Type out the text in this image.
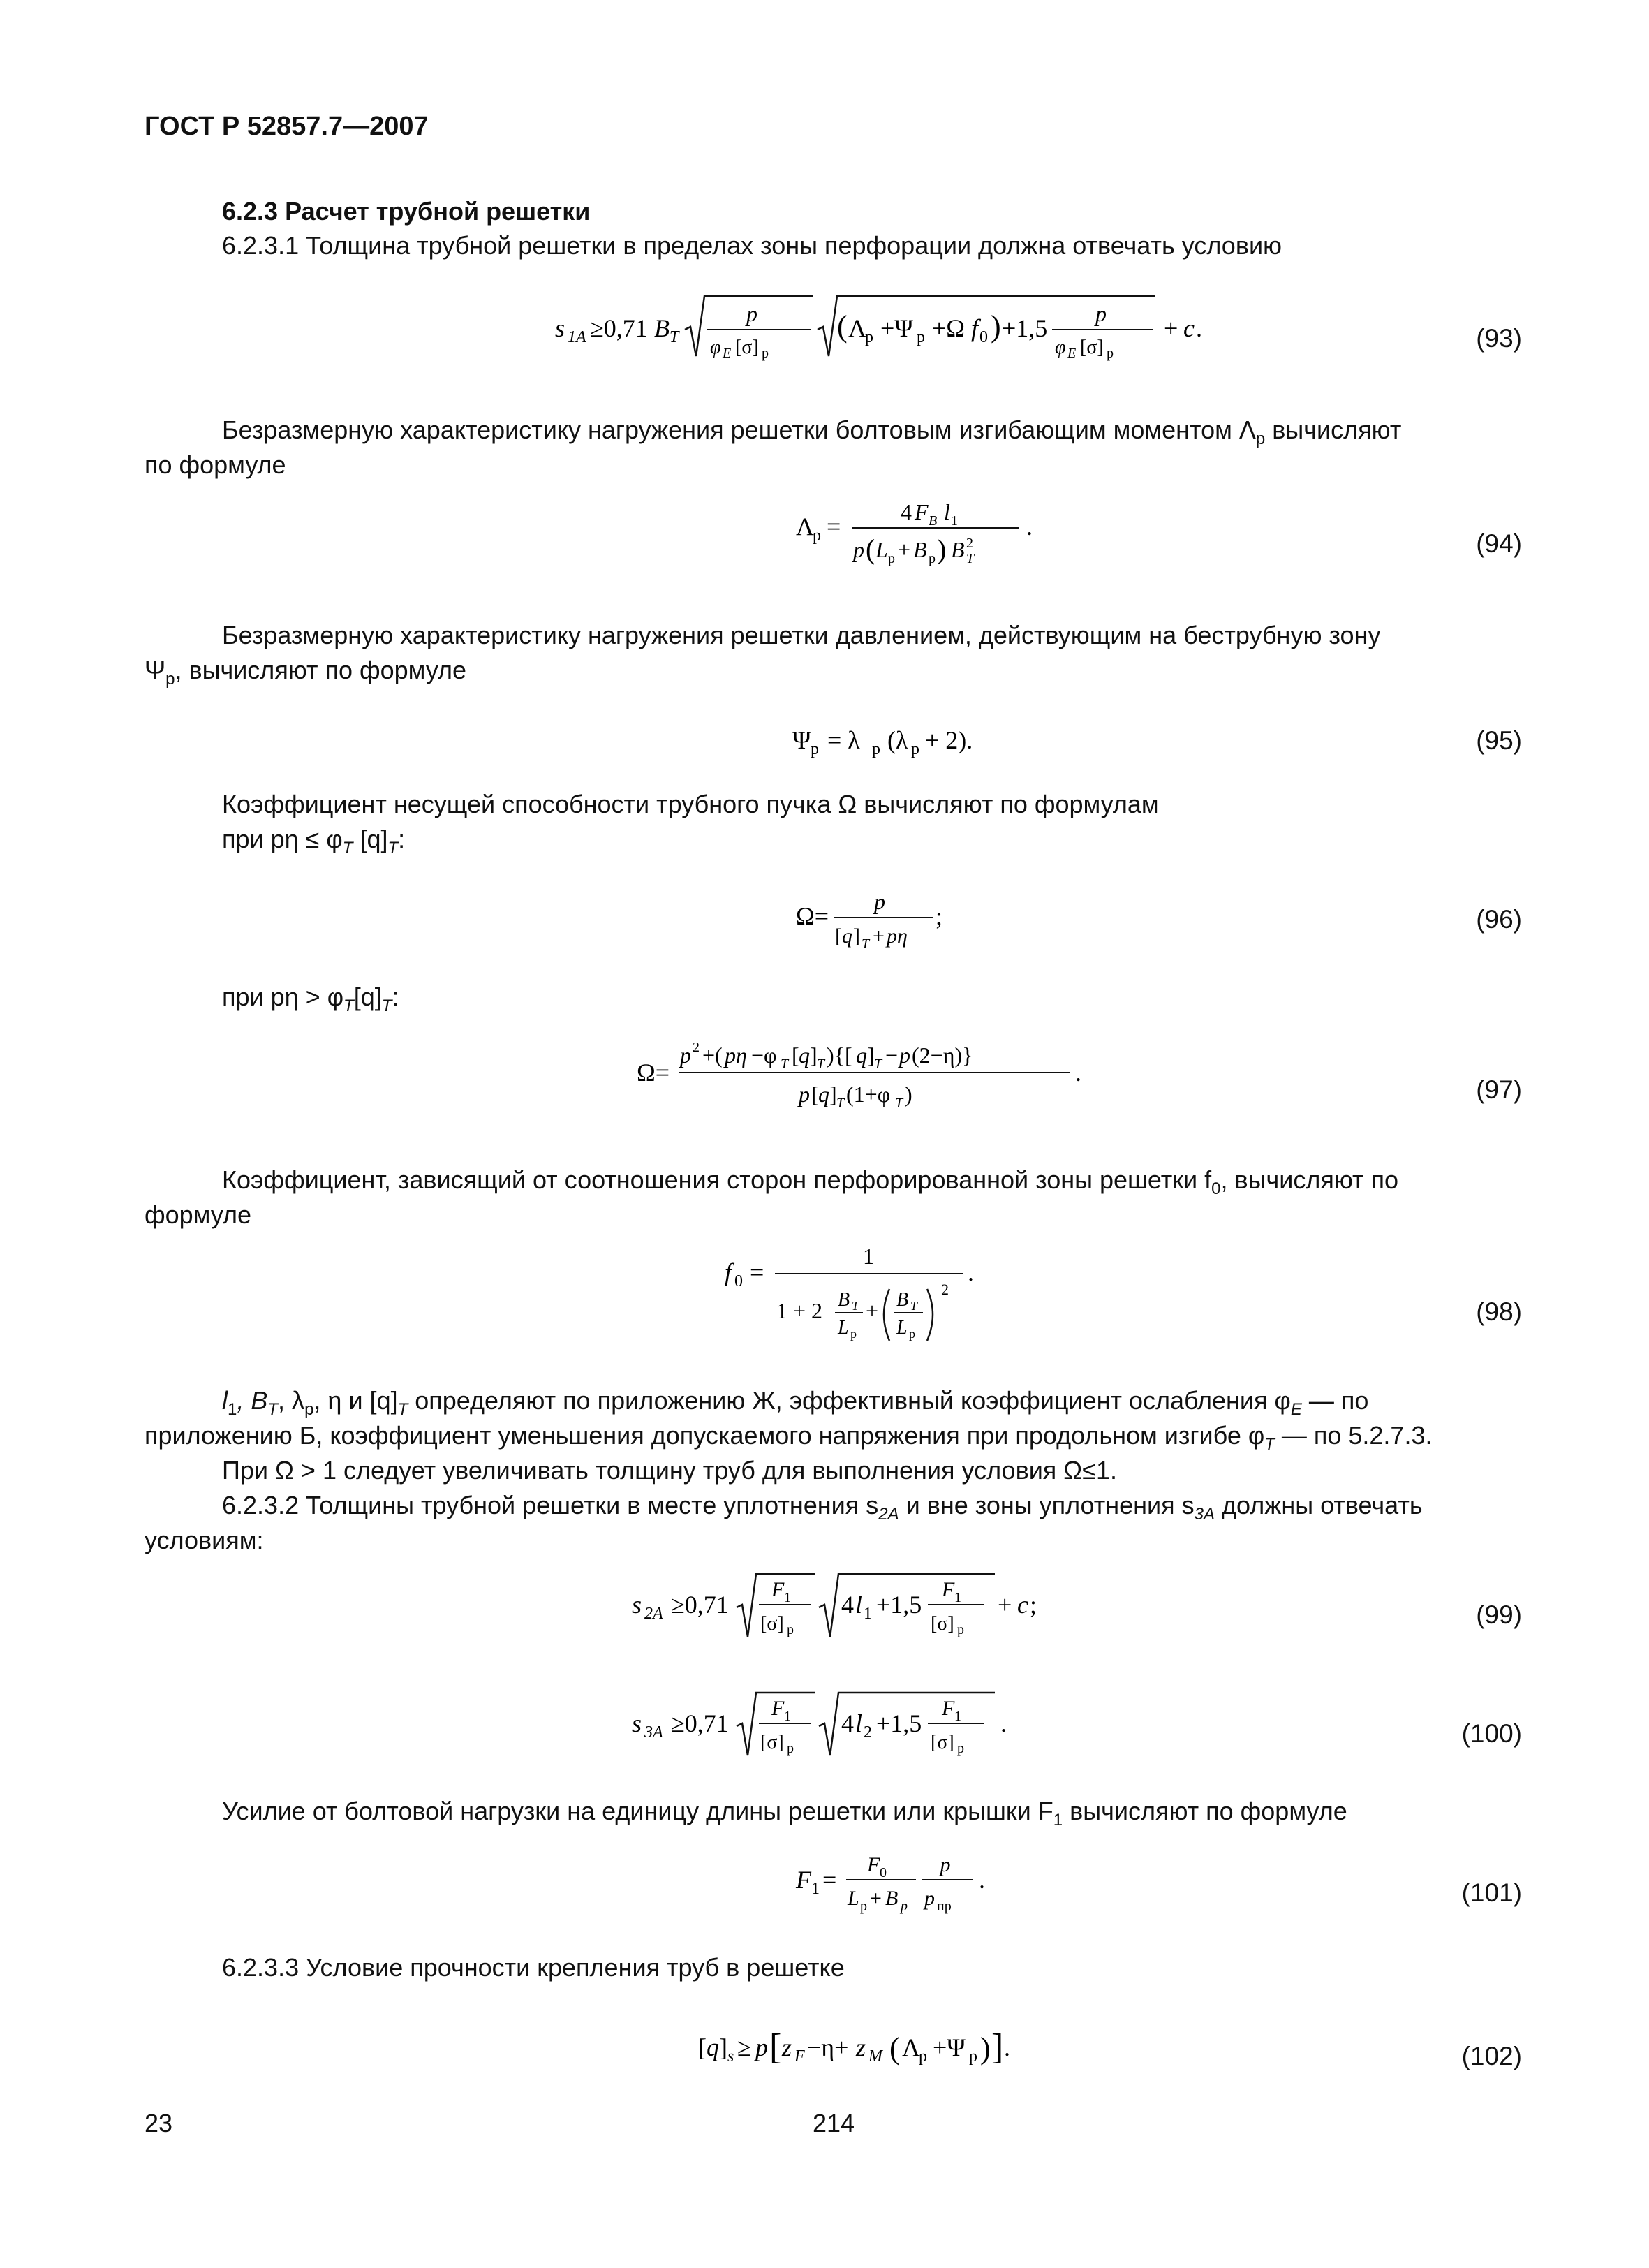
ГОСТ Р 52857.7—2007
6.2.3 Расчет трубной решетки
6.2.3.1 Толщина трубной решетки в пределах зоны перфорации должна отвечать условию
s 1A ≥0,71 B T
p
φ E [σ] p
( Λ
p +Ψ p +Ω f 0 ) +1,5
p
φ E [σ] p
+ c .	(93)
Безразмерную характеристику нагружения решетки болтовым изгибающим моментом $\Lambda_p$ вычисляют
по формуле
Λ
p =
4 F B l 1
p ( L p + B p ) B 2
T
.
(94)
Безразмерную характеристику нагружения решетки давлением, действующим на беструбную зону
$\Psi_p$, вычисляют по формуле
Ψ p = λ p (λ p + 2).	(95)
Коэффициент несущей способности трубного пучка Ω вычисляют по формулам
при $p\eta \le \varphi_T$ $[q]_T$:
Ω=
p
[ q ] T + pη
;	(96)
при $p\eta > \varphi_T[q]_T$:
Ω=
p 2 +( pη −φ T [ q ] T ){[ q ] T − p (2−η)}
p [ q ] T (1+φ T )
.
(97)
Коэффициент, зависящий от соотношения сторон перфорированной зоны решетки $f_0$, вычисляют по
формуле
f 0 =
1
1 + 2 B T
L p
+ B T
L p
2
.
(98)
$l_1$, $B_T$, $\lambda_p$, η и $[q]_T$ определяют по приложению Ж, эффективный коэффициент ослабления $\varphi_E$ — по
приложению Б, коэффициент уменьшения допускаемого напряжения при продольном изгибе $\varphi_T$ — по 5.2.7.3.
При Ω > 1 следует увеличивать толщину труб для выполнения условия Ω≤1.
6.2.3.2 Толщины трубной решетки в месте уплотнения $s_{2A}$ и вне зоны уплотнения $s_{3A}$ должны отвечать
условиям:
s 2A ≥0,71
F 1
[σ] p
4 l 1 +1,5
F 1
[σ] p
+ c ;	(99)
s 3A ≥0,71
F 1
[σ] p
4 l 2 +1,5
F 1
[σ] p
.	(100)
Усилие от болтовой нагрузки на единицу длины решетки или крышки $F_1$ вычисляют по формуле
F 1 =
F 0
L p + B p
p
p пр
.	(101)
6.2.3.3 Условие прочности крепления труб в решетке
[ q ] s ≥ p [ z F −η+ z M ( Λ
p +Ψ p ) ] .	(102)
23	214
